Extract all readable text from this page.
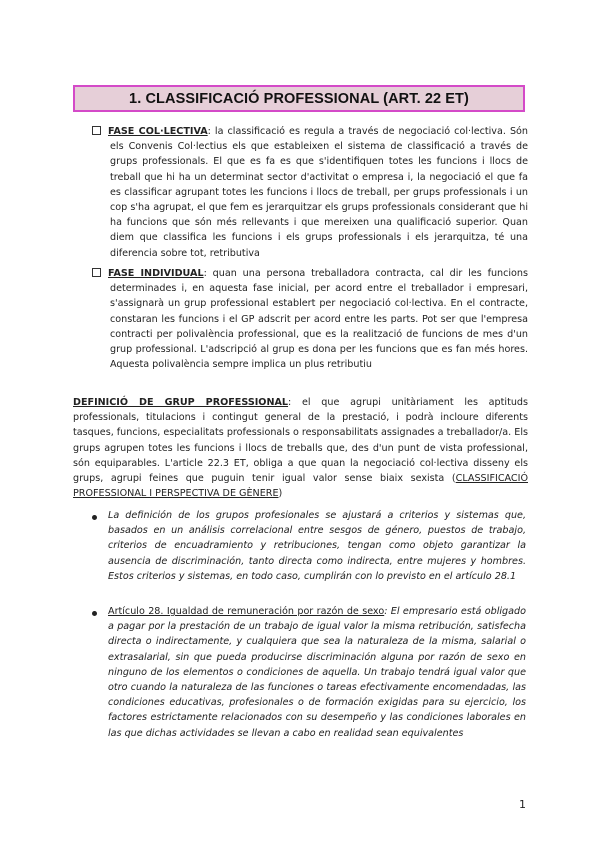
1. CLASSIFICACIÓ PROFESSIONAL (ART. 22 ET)

FASE COL·LECTIVA: la classificació es regula a través de negociació col·lectiva. Són els Convenis Col·lectius els que estableixen el sistema de classificació a través de grups professionals. El que es fa es que s'identifiquen totes les funcions i llocs de treball que hi ha un determinat sector d'activitat o empresa i, la negociació el que fa es classificar agrupant totes les funcions i llocs de treball, per grups professionals i un cop s'ha agrupat, el que fem es jerarquitzar els grups professionals considerant que hi ha funcions que són més rellevants i que mereixen una qualificació superior. Quan diem que classifica les funcions i els grups professionals i els jerarquitza, té una diferencia sobre tot, retributiva

FASE INDIVIDUAL: quan una persona treballadora contracta, cal dir les funcions determinades i, en aquesta fase inicial, per acord entre el treballador i empresari, s'assignarà un grup professional establert per negociació col·lectiva. En el contracte, constaran les funcions i el GP adscrit per acord entre les parts. Pot ser que l'empresa contracti per polivalència professional, que es la realització de funcions de mes d'un grup professional. L'adscripció al grup es dona per les funcions que es fan més hores. Aquesta polivalència sempre implica un plus retributiu

DEFINICIÓ DE GRUP PROFESSIONAL: el que agrupi unitàriament les aptituds professionals, titulacions i contingut general de la prestació, i podrà incloure diferents tasques, funcions, especialitats professionals o responsabilitats assignades a treballador/a. Els grups agrupen totes les funcions i llocs de treballs que, des d'un punt de vista professional, són equiparables. L'article 22.3 ET, obliga a que quan la negociació col·lectiva disseny els grups, agrupi feines que puguin tenir igual valor sense biaix sexista (CLASSIFICACIÓ PROFESSIONAL I PERSPECTIVA DE GÈNERE)

La definición de los grupos profesionales se ajustará a criterios y sistemas que, basados en un análisis correlacional entre sesgos de género, puestos de trabajo, criterios de encuadramiento y retribuciones, tengan como objeto garantizar la ausencia de discriminación, tanto directa como indirecta, entre mujeres y hombres. Estos criterios y sistemas, en todo caso, cumplirán con lo previsto en el artículo 28.1

Artículo 28. Igualdad de remuneración por razón de sexo: El empresario está obligado a pagar por la prestación de un trabajo de igual valor la misma retribución, satisfecha directa o indirectamente, y cualquiera que sea la naturaleza de la misma, salarial o extrasalarial, sin que pueda producirse discriminación alguna por razón de sexo en ninguno de los elementos o condiciones de aquella. Un trabajo tendrá igual valor que otro cuando la naturaleza de las funciones o tareas efectivamente encomendadas, las condiciones educativas, profesionales o de formación exigidas para su ejercicio, los factores estrictamente relacionados con su desempeño y las condiciones laborales en las que dichas actividades se llevan a cabo en realidad sean equivalentes

1
